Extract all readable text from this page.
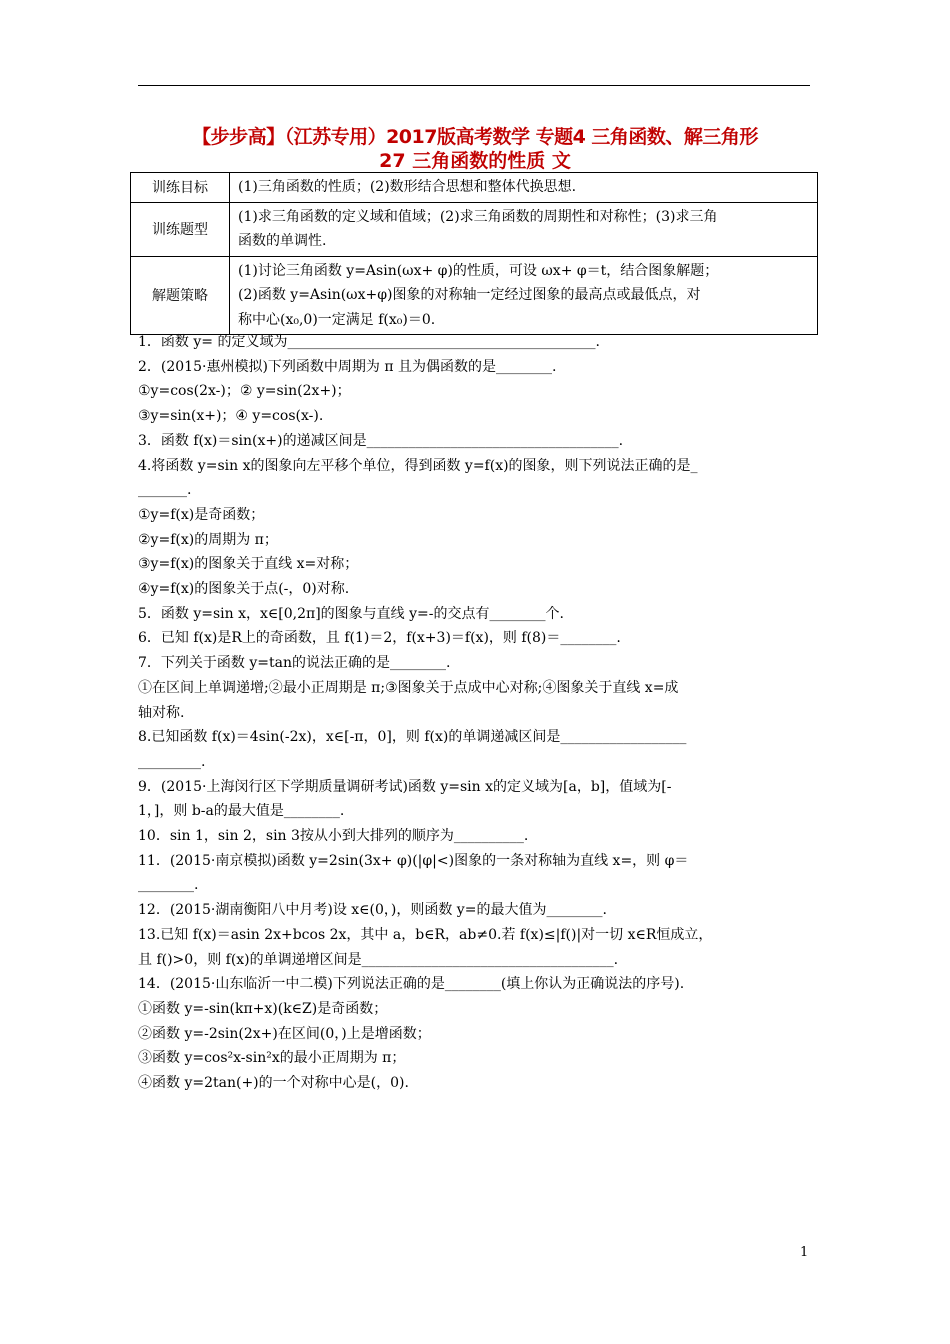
【步步高】（江苏专用）2017版高考数学 专题4 三角函数、解三角形
27 三角函数的性质 文
训练目标	(1)三角函数的性质；(2)数形结合思想和整体代换思想.

训练题型	(1)求三角函数的定义域和值域；(2)求三角函数的周期性和对称性；(3)求三角
函数的单调性.

解题策略	(1)讨论三角函数 y=Asin(ωx+ φ)的性质，可设 ωx+ φ＝t，结合图象解题；
(2)函数 y=Asin(ωx+φ)图象的对称轴一定经过图象的最高点或最低点，对
称中心(x₀,0)一定满足 f(x₀)＝0.

1．函数 y= 的定义域为____________________________________________.

2．(2015·惠州模拟)下列函数中周期为 π 且为偶函数的是________.

①y=cos(2x-)；② y=sin(2x+)；

③y=sin(x+)；④ y=cos(x-).

3．函数 f(x)＝sin(x+)的递减区间是____________________________________.

4.将函数 y=sin x的图象向左平移个单位，得到函数 y=f(x)的图象，则下列说法正确的是_

_______.

①y=f(x)是奇函数；

②y=f(x)的周期为 π；

③y=f(x)的图象关于直线 x=对称；

④y=f(x)的图象关于点(-，0)对称.

5．函数 y=sin x，x∈[0,2π]的图象与直线 y=-的交点有________个.

6．已知 f(x)是R上的奇函数，且 f(1)＝2，f(x+3)＝f(x)，则 f(8)＝________.

7．下列关于函数 y=tan的说法正确的是________.

①在区间上单调递增;②最小正周期是 π;③图象关于点成中心对称;④图象关于直线 x=成

轴对称.

8.已知函数 f(x)＝4sin(-2x)，x∈[-π，0]，则 f(x)的单调递减区间是__________________

_________.

9．(2015·上海闵行区下学期质量调研考试)函数 y=sin x的定义域为[a，b]，值域为[-

1，]，则 b-a的最大值是________.

10．sin 1，sin 2，sin 3按从小到大排列的顺序为__________.

11．(2015·南京模拟)函数 y=2sin(3x+ φ)(|φ|<)图象的一条对称轴为直线 x=，则 φ＝

________.

12．(2015·湖南衡阳八中月考)设 x∈(0，)，则函数 y=的最大值为________.

13.已知 f(x)＝asin 2x+bcos 2x，其中 a，b∈R，ab≠0.若 f(x)≤|f()|对一切 x∈R恒成立，

且 f()>0，则 f(x)的单调递增区间是____________________________________.

14．(2015·山东临沂一中二模)下列说法正确的是________(填上你认为正确说法的序号).

①函数 y=-sin(kπ+x)(k∈Z)是奇函数；

②函数 y=-2sin(2x+)在区间(0，)上是增函数；

③函数 y=cos²x-sin²x的最小正周期为 π；

④函数 y=2tan(+)的一个对称中心是(，0).

1
